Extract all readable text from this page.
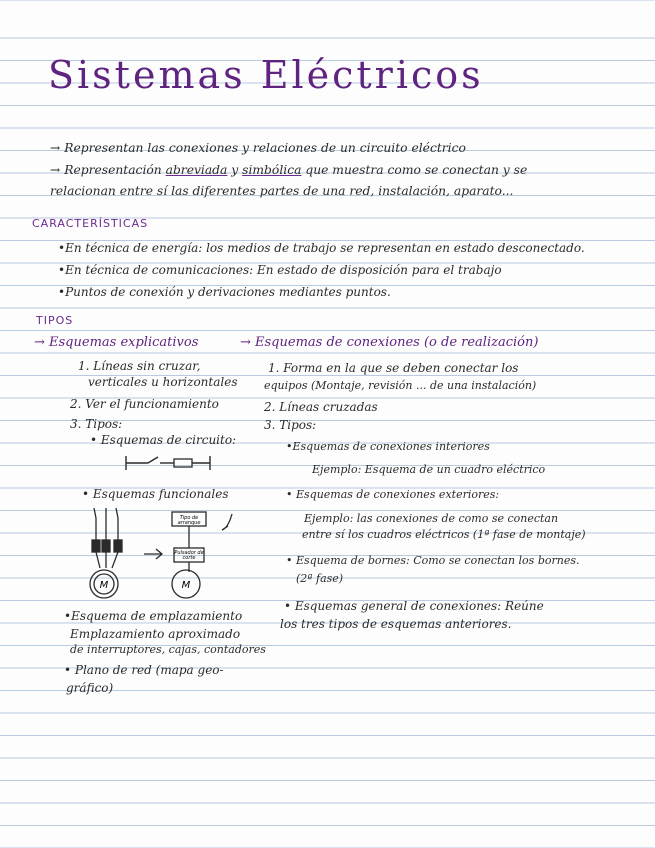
Sistemas Eléctricos
→ Representan las conexiones y relaciones de un circuito eléctrico
→ Representación abreviada y simbólica que muestra como se conectan y se
relacionan entre sí las diferentes partes de una red, instalación, aparato...
CARACTERÍSTICAS
•En técnica de energía: los medios de trabajo se representan en estado desconectado.
•En técnica de comunicaciones: En estado de disposición para el trabajo
•Puntos de conexión y derivaciones mediantes puntos.
TIPOS
→ Esquemas explicativos
1. Líneas sin cruzar,
verticales u horizontales
2. Ver el funcionamiento
3. Tipos:
• Esquemas de circuito:
• Esquemas funcionales
Tipo de
arranque
Pulsador de
corte
M	M
•Esquema de emplazamiento
Emplazamiento aproximado
de interruptores, cajas, contadores
• Plano de red (mapa geo-
gráfico)
→ Esquemas de conexiones (o de realización)
1. Forma en la que se deben conectar los
equipos (Montaje, revisión ... de una instalación)
2. Líneas cruzadas
3. Tipos:
•Esquemas de conexiones interiores
Ejemplo: Esquema de un cuadro eléctrico
• Esquemas de conexiones exteriores:
Ejemplo: las conexiones de como se conectan
entre sí los cuadros eléctricos (1ª fase de montaje)
• Esquema de bornes: Como se conectan los bornes.
(2ª fase)
• Esquemas general de conexiones: Reúne
los tres tipos de esquemas anteriores.
